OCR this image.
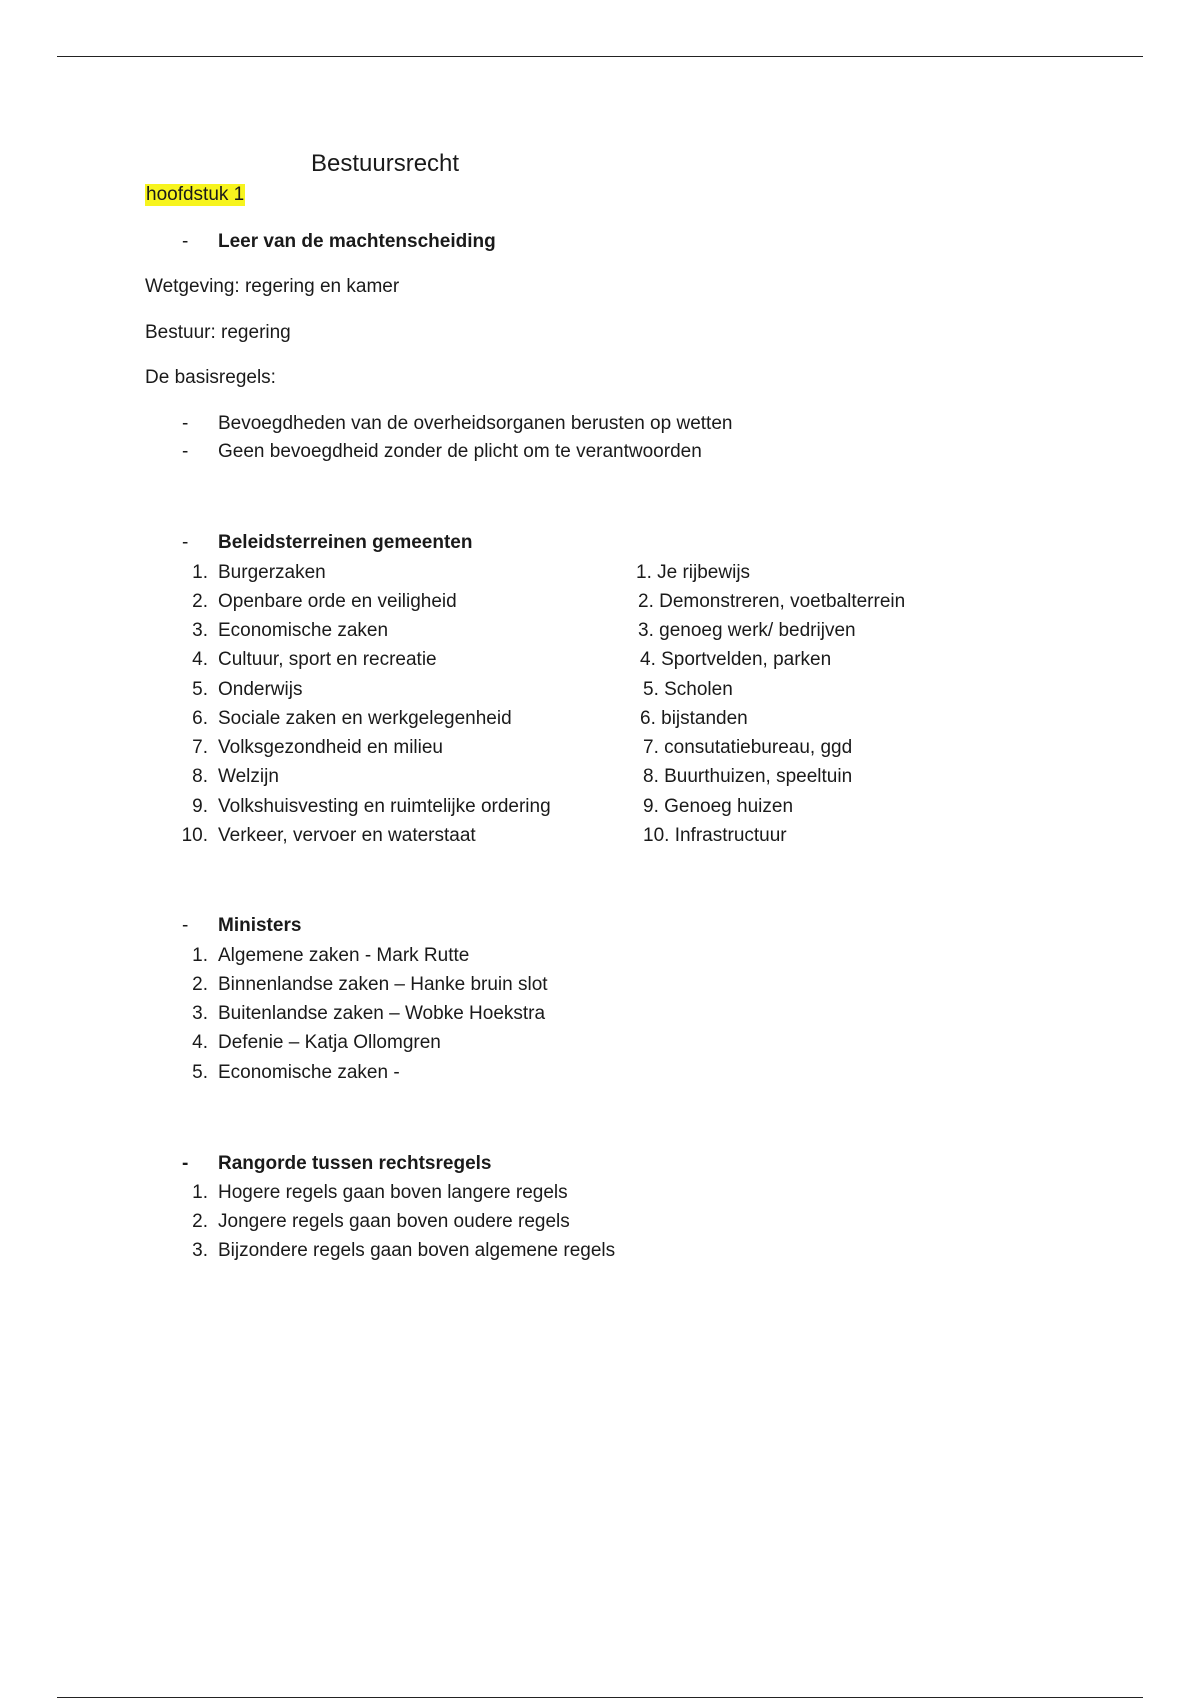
Bestuursrecht
hoofdstuk 1
-	Leer van de machtenscheiding
Wetgeving: regering en kamer
Bestuur: regering
De basisregels:
-	Bevoegdheden van de overheidsorganen berusten op wetten
-	Geen bevoegdheid zonder de plicht om te verantwoorden
-	Beleidsterreinen gemeenten
1. Burgerzaken	1. Je rijbewijs
2. Openbare orde en veiligheid	2. Demonstreren, voetbalterrein
3. Economische zaken	3. genoeg werk/ bedrijven
4. Cultuur, sport en recreatie	4. Sportvelden, parken
5. Onderwijs	5. Scholen
6. Sociale zaken en werkgelegenheid	6. bijstanden
7. Volksgezondheid en milieu	7. consutatiebureau, ggd
8. Welzijn	8. Buurthuizen, speeltuin
9. Volkshuisvesting en ruimtelijke ordering	9. Genoeg huizen
10. Verkeer, vervoer en waterstaat	10. Infrastructuur
-	Ministers
1. Algemene zaken - Mark Rutte
2. Binnenlandse zaken – Hanke bruin slot
3. Buitenlandse zaken – Wobke Hoekstra
4. Defenie – Katja Ollomgren
5. Economische zaken -
-	Rangorde tussen rechtsregels
1. Hogere regels gaan boven langere regels
2. Jongere regels gaan boven oudere regels
3. Bijzondere regels gaan boven algemene regels
